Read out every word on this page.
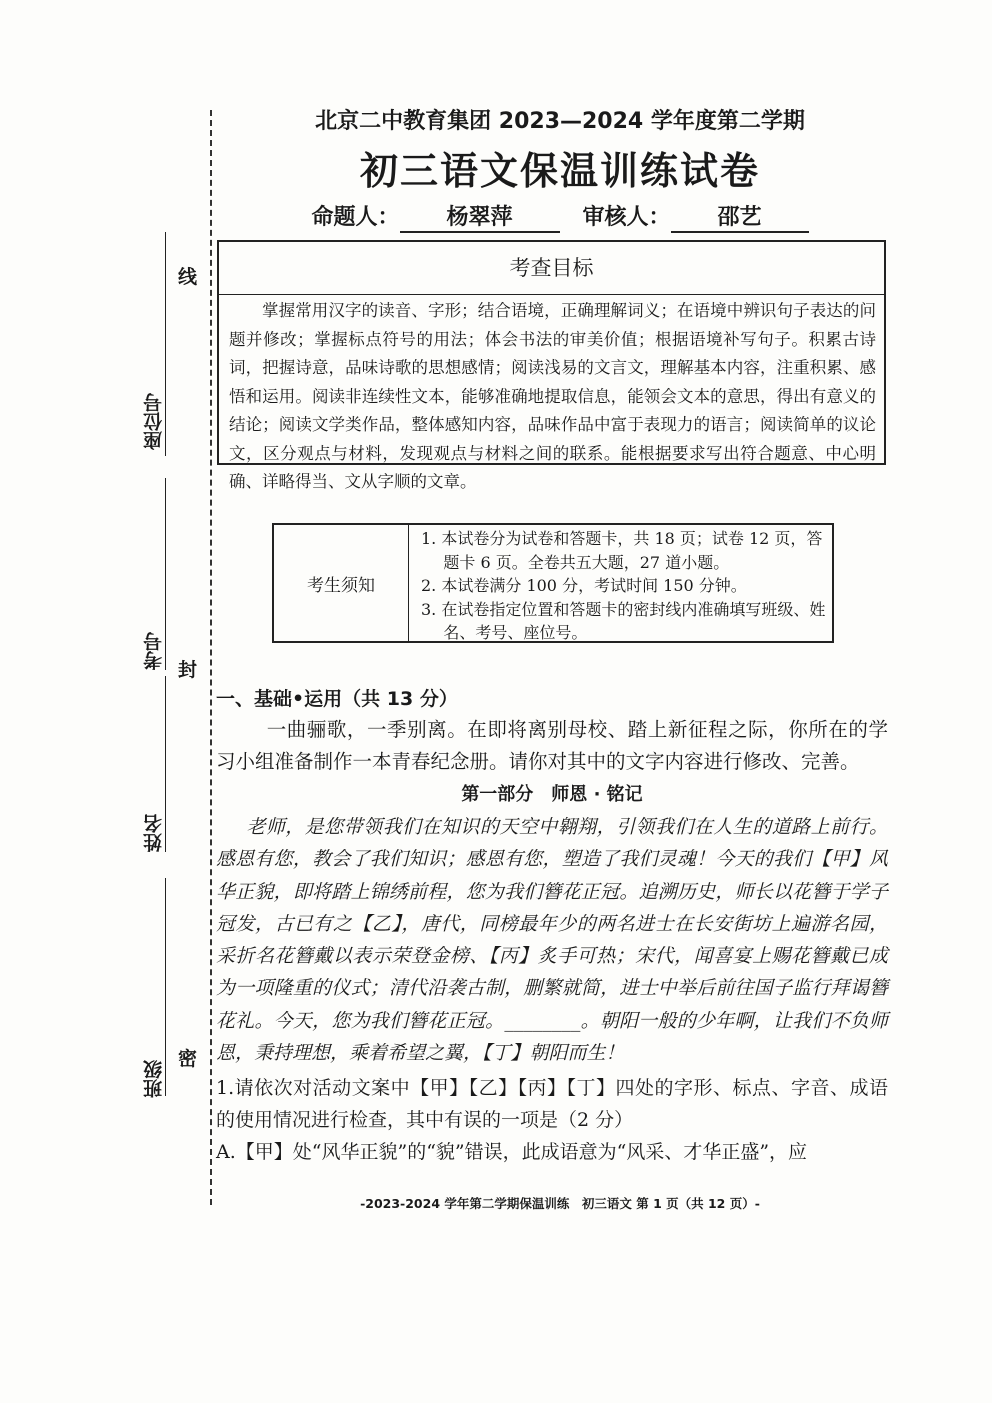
线
封
密
座位号
考号
姓名
班级
北京二中教育集团 2023—2024 学年度第二学期
初三语文保温训练试卷
命题人： 杨翠萍	审核人： 邵艺
考查目标
掌握常用汉字的读音、字形；结合语境，正确理解词义；在语境中辨识句子表达的问题并修改；掌握标点符号的用法；体会书法的审美价值；根据语境补写句子。积累古诗词，把握诗意，品味诗歌的思想感情；阅读浅易的文言文，理解基本内容，注重积累、感悟和运用。阅读非连续性文本，能够准确地提取信息，能领会文本的意思，得出有意义的结论；阅读文学类作品，整体感知内容，品味作品中富于表现力的语言；阅读简单的议论文，区分观点与材料，发现观点与材料之间的联系。能根据要求写出符合题意、中心明确、详略得当、文从字顺的文章。
考生须知
1. 本试卷分为试卷和答题卡，共 18 页；试卷 12 页，答题卡 6 页。全卷共五大题，27 道小题。
2. 本试卷满分 100 分，考试时间 150 分钟。
3. 在试卷指定位置和答题卡的密封线内准确填写班级、姓名、考号、座位号。
一、基础•运用（共 13 分）
一曲骊歌，一季别离。在即将离别母校、踏上新征程之际，你所在的学习小组准备制作一本青春纪念册。请你对其中的文字内容进行修改、完善。
第一部分　师恩 · 铭记
老师，是您带领我们在知识的天空中翱翔，引领我们在人生的道路上前行。感恩有您，教会了我们知识；感恩有您，塑造了我们灵魂！今天的我们【甲】风华正貌，即将踏上锦绣前程，您为我们簪花正冠。追溯历史，师长以花簪于学子冠发，古已有之【乙】，唐代，同榜最年少的两名进士在长安街坊上遍游名园，采折名花簪戴以表示荣登金榜、【丙】炙手可热；宋代，闻喜宴上赐花簪戴已成为一项隆重的仪式；清代沿袭古制，删繁就简，进士中举后前往国子监行拜谒簪花礼。今天，您为我们簪花正冠。________。朝阳一般的少年啊，让我们不负师恩，秉持理想，乘着希望之翼，【丁】朝阳而生！
1.请依次对活动文案中【甲】【乙】【丙】【丁】四处的字形、标点、字音、成语的使用情况进行检查，其中有误的一项是（2 分）
A.【甲】处“风华正貌”的“貌”错误，此成语意为“风采、才华正盛”，应
-2023-2024 学年第二学期保温训练　初三语文 第 1 页（共 12 页）-
